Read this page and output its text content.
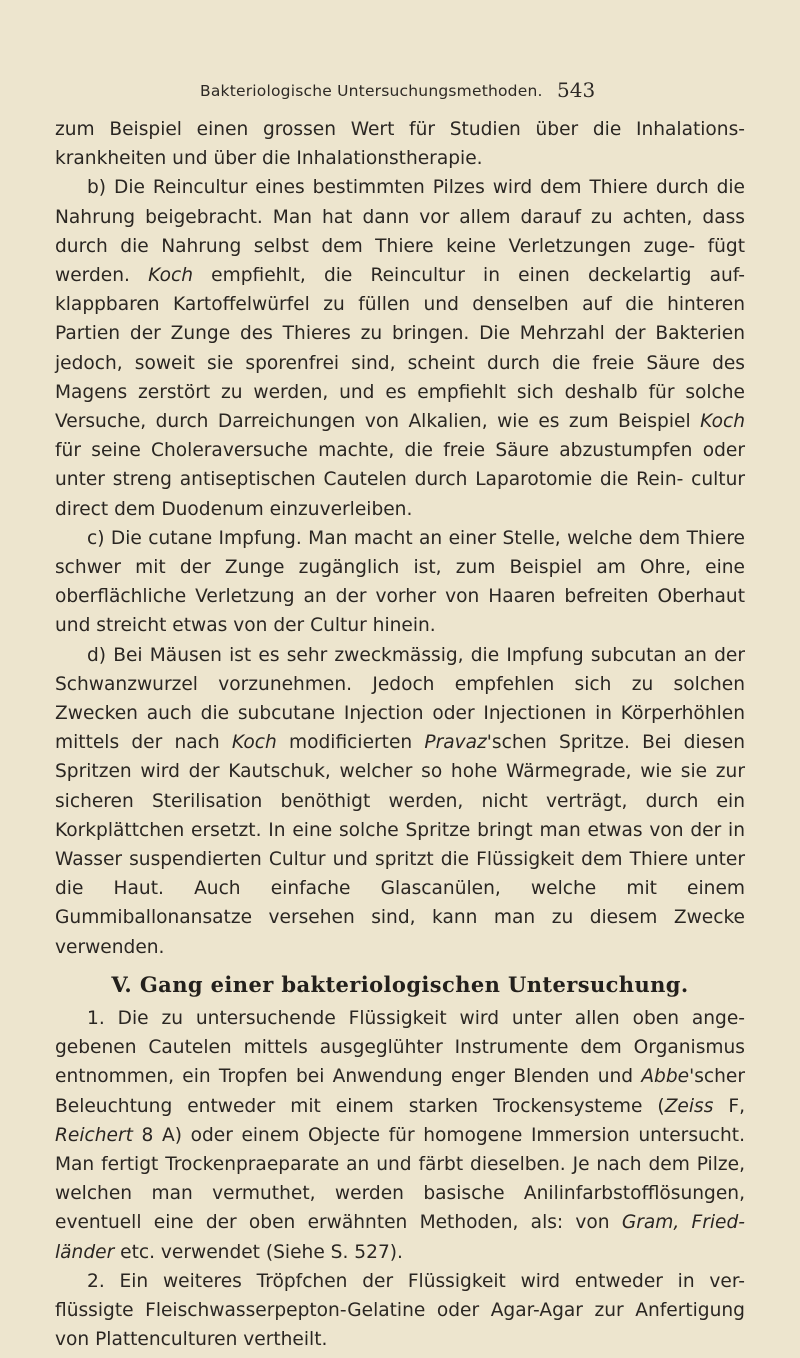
Bakteriologische Untersuchungsmethoden. 543

zum Beispiel einen grossen Wert für Studien über die Inhalations- krankheiten und über die Inhalationstherapie.

b) Die Reincultur eines bestimmten Pilzes wird dem Thiere durch die Nahrung beigebracht. Man hat dann vor allem darauf zu achten, dass durch die Nahrung selbst dem Thiere keine Verletzungen zuge- fügt werden. Koch empfiehlt, die Reincultur in einen deckelartig auf- klappbaren Kartoffelwürfel zu füllen und denselben auf die hinteren Partien der Zunge des Thieres zu bringen. Die Mehrzahl der Bakterien jedoch, soweit sie sporenfrei sind, scheint durch die freie Säure des Magens zerstört zu werden, und es empfiehlt sich deshalb für solche Versuche, durch Darreichungen von Alkalien, wie es zum Beispiel Koch für seine Choleraversuche machte, die freie Säure abzustumpfen oder unter streng antiseptischen Cautelen durch Laparotomie die Rein- cultur direct dem Duodenum einzuverleiben.

c) Die cutane Impfung. Man macht an einer Stelle, welche dem Thiere schwer mit der Zunge zugänglich ist, zum Beispiel am Ohre, eine oberflächliche Verletzung an der vorher von Haaren befreiten Oberhaut und streicht etwas von der Cultur hinein.

d) Bei Mäusen ist es sehr zweckmässig, die Impfung subcutan an der Schwanzwurzel vorzunehmen. Jedoch empfehlen sich zu solchen Zwecken auch die subcutane Injection oder Injectionen in Körperhöhlen mittels der nach Koch modificierten Pravaz'schen Spritze. Bei diesen Spritzen wird der Kautschuk, welcher so hohe Wärmegrade, wie sie zur sicheren Sterilisation benöthigt werden, nicht verträgt, durch ein Korkplättchen ersetzt. In eine solche Spritze bringt man etwas von der in Wasser suspendierten Cultur und spritzt die Flüssigkeit dem Thiere unter die Haut. Auch einfache Glascanülen, welche mit einem Gummiballonansatze versehen sind, kann man zu diesem Zwecke verwenden.

V. Gang einer bakteriologischen Untersuchung.

1. Die zu untersuchende Flüssigkeit wird unter allen oben ange- gebenen Cautelen mittels ausgeglühter Instrumente dem Organismus entnommen, ein Tropfen bei Anwendung enger Blenden und Abbe'scher Beleuchtung entweder mit einem starken Trockensysteme (Zeiss F, Reichert 8 A) oder einem Objecte für homogene Immersion untersucht. Man fertigt Trockenpraeparate an und färbt dieselben. Je nach dem Pilze, welchen man vermuthet, werden basische Anilinfarbstofflösungen, eventuell eine der oben erwähnten Methoden, als: von Gram, Fried- länder etc. verwendet (Siehe S. 527).

2. Ein weiteres Tröpfchen der Flüssigkeit wird entweder in ver- flüssigte Fleischwasserpepton-Gelatine oder Agar-Agar zur Anfertigung von Plattenculturen vertheilt.
